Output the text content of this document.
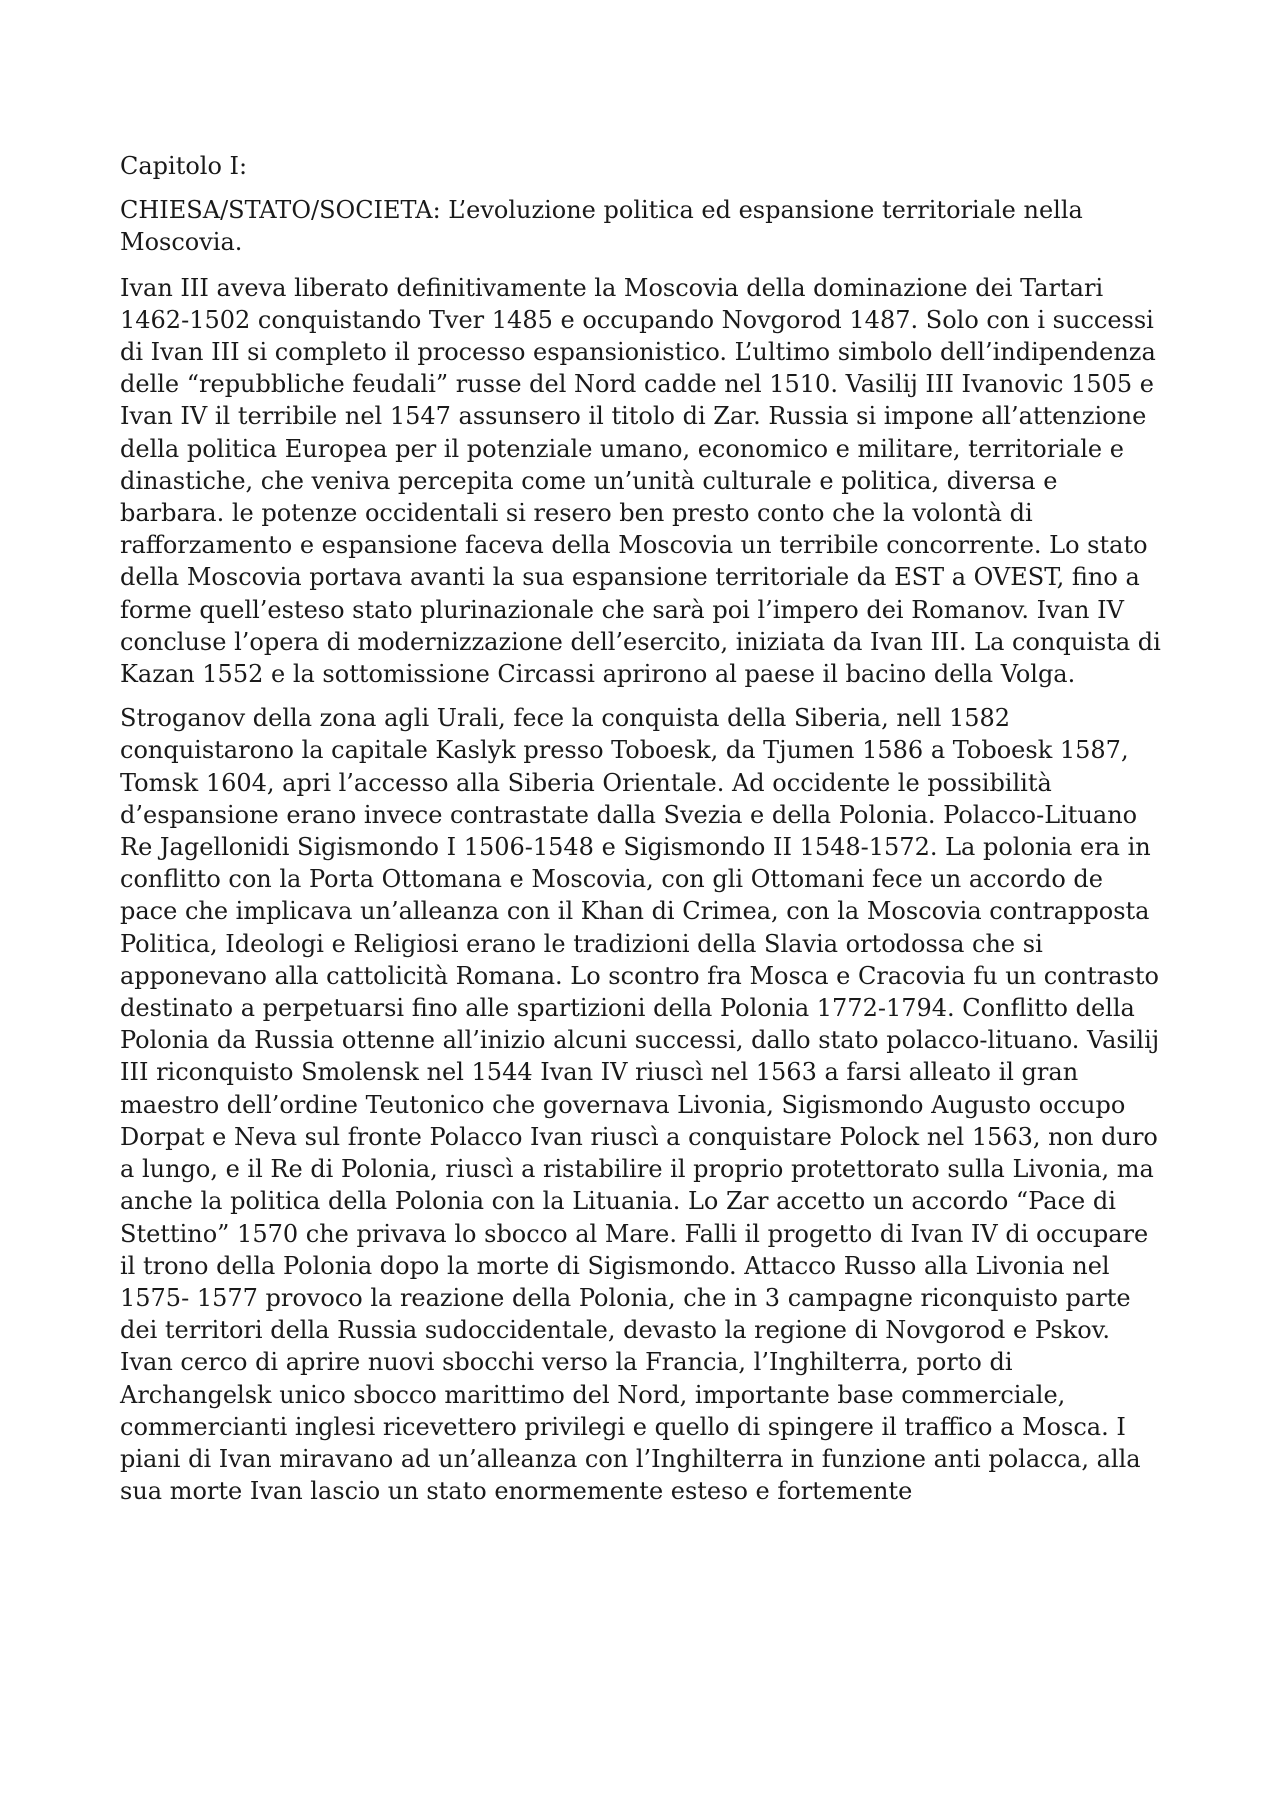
Capitolo I:

CHIESA/STATO/SOCIETA: L’evoluzione politica ed espansione territoriale nella Moscovia.

Ivan III aveva liberato definitivamente la Moscovia della dominazione dei Tartari 1462-1502 conquistando Tver 1485 e occupando Novgorod 1487. Solo con i successi di Ivan III si completo il processo espansionistico. L’ultimo simbolo dell’indipendenza delle “repubbliche feudali” russe del Nord cadde nel 1510. Vasilij III Ivanovic 1505 e Ivan IV il terribile nel 1547 assunsero il titolo di Zar. Russia si impone all’attenzione della politica Europea per il potenziale umano, economico e militare, territoriale e dinastiche, che veniva percepita come un’unità culturale e politica, diversa e barbara. le potenze occidentali si resero ben presto conto che la volontà di rafforzamento e espansione faceva della Moscovia un terribile concorrente. Lo stato della Moscovia portava avanti la sua espansione territoriale da EST a OVEST, fino a forme quell’esteso stato plurinazionale che sarà poi l’impero dei Romanov. Ivan IV concluse l’opera di modernizzazione dell’esercito, iniziata da Ivan III. La conquista di Kazan 1552 e la sottomissione Circassi aprirono al paese il bacino della Volga.

Stroganov della zona agli Urali, fece la conquista della Siberia, nell 1582 conquistarono la capitale Kaslyk presso Toboesk, da Tjumen 1586 a Toboesk 1587, Tomsk 1604, apri l’accesso alla Siberia Orientale. Ad occidente le possibilità d’espansione erano invece contrastate dalla Svezia e della Polonia. Polacco-Lituano Re Jagellonidi Sigismondo I 1506-1548 e Sigismondo II 1548-1572. La polonia era in conflitto con la Porta Ottomana e Moscovia, con gli Ottomani fece un accordo de pace che implicava un’alleanza con il Khan di Crimea, con la Moscovia contrapposta Politica, Ideologi e Religiosi erano le tradizioni della Slavia ortodossa che si apponevano alla cattolicità Romana. Lo scontro fra Mosca e Cracovia fu un contrasto destinato a perpetuarsi fino alle spartizioni della Polonia 1772-1794. Conflitto della Polonia da Russia ottenne all’inizio alcuni successi, dallo stato polacco-lituano. Vasilij III riconquisto Smolensk nel 1544 Ivan IV riuscì nel 1563 a farsi alleato il gran maestro dell’ordine Teutonico che governava Livonia, Sigismondo Augusto occupo Dorpat e Neva sul fronte Polacco Ivan riuscì a conquistare Polock nel 1563, non duro a lungo, e il Re di Polonia, riuscì a ristabilire il proprio protettorato sulla Livonia, ma anche la politica della Polonia con la Lituania. Lo Zar accetto un accordo “Pace di Stettino” 1570 che privava lo sbocco al Mare. Falli il progetto di Ivan IV di occupare il trono della Polonia dopo la morte di Sigismondo. Attacco Russo alla Livonia nel 1575- 1577 provoco la reazione della Polonia, che in 3 campagne riconquisto parte dei territori della Russia sudoccidentale, devasto la regione di Novgorod e Pskov. Ivan cerco di aprire nuovi sbocchi verso la Francia, l’Inghilterra, porto di Archangelsk unico sbocco marittimo del Nord, importante base commerciale, commercianti inglesi ricevettero privilegi e quello di spingere il traffico a Mosca. I piani di Ivan miravano ad un’alleanza con l’Inghilterra in funzione anti polacca, alla sua morte Ivan lascio un stato enormemente esteso e fortemente
